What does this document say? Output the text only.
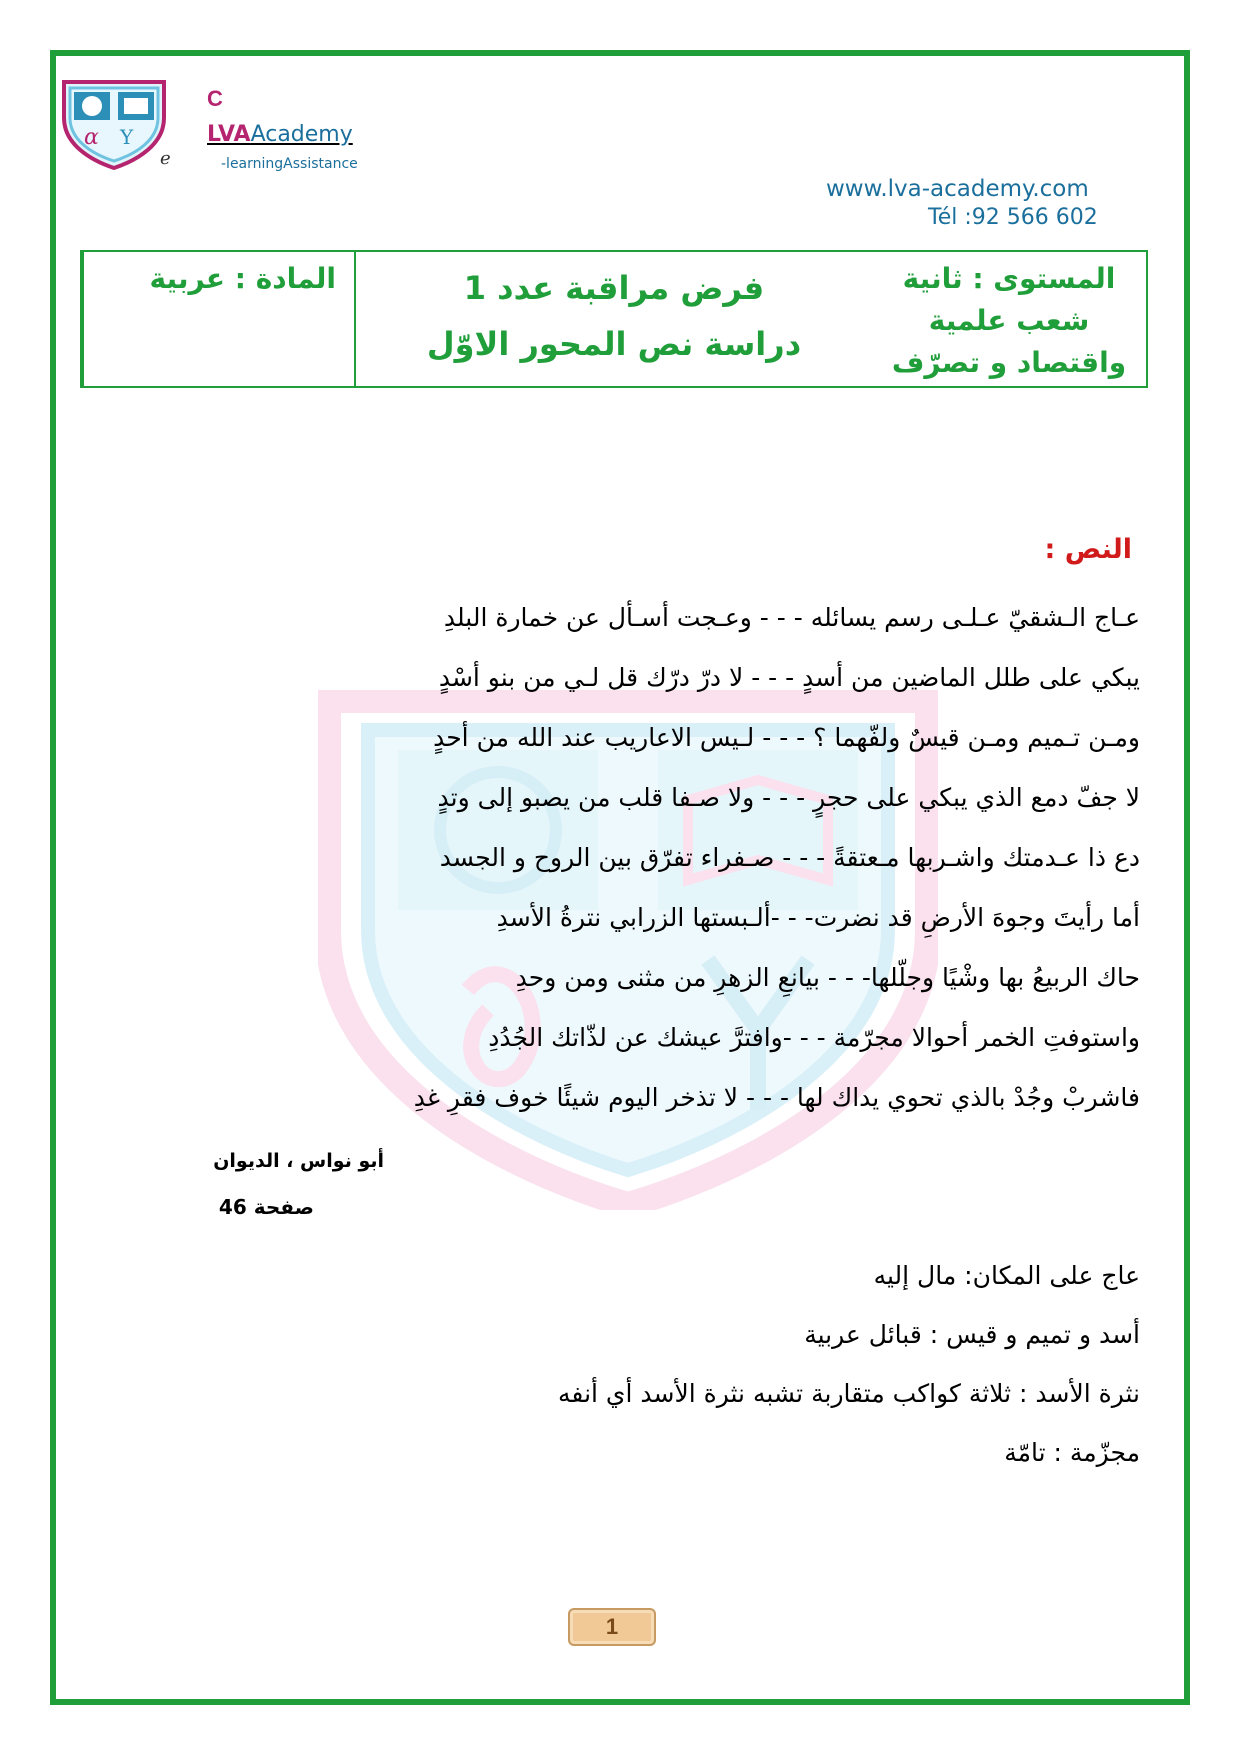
α Y
e
C
LVAAcademy
-learningAssistance
www.lva-academy.com
Tél :92 566 602
المادة : عربية	فرض مراقبة عدد 1
دراسة نص المحور الاوّل
المستوى : ثانية
شعب علمية
واقتصاد و تصرّف
النص :
عـاج الـشقيّ عـلـى رسم يسائله - - - وعـجت أسـأل عن خمارة البلدِ
يبكي على طلل الماضين من أسدٍ - - - لا درّ درّك قل لـي من بنو أسْدٍ
ومـن تـميم ومـن قيسٌ ولفّهما ؟ - - - لـيس الاعاريب عند الله من أحدٍ
لا جفّ دمع الذي يبكي على حجرٍ - - - ولا صـفا قلب من يصبو إلى وتدٍ
دع ذا عـدمتك واشـربها مـعتقةً - - - صـفراء تفرّق بين الروح و الجسد
أما رأيتَ وجوهَ الأرضِ قد نضرت- - -ألـبستها الزرابي نترةُ الأسدِ
حاك الربيعُ بها وشْيًا وجلّلها- - - بيانعِ الزهرِ من مثنى ومن وحدِ
واستوفتِ الخمر أحوالا مجرّمة - - -وافترَّ عيشك عن لذّاتك الجُدُدِ
فاشربْ وجُدْ بالذي تحوي يداك لها - - - لا تذخر اليوم شيئًا خوف فقرِ غدِ
أبو نواس ، الديوان
صفحة 46
عاج على المكان: مال إليه
أسد و تميم و قيس : قبائل عربية
نثرة الأسد : ثلاثة كواكب متقاربة تشبه نثرة الأسد أي أنفه
مجزّمة : تامّة
1
